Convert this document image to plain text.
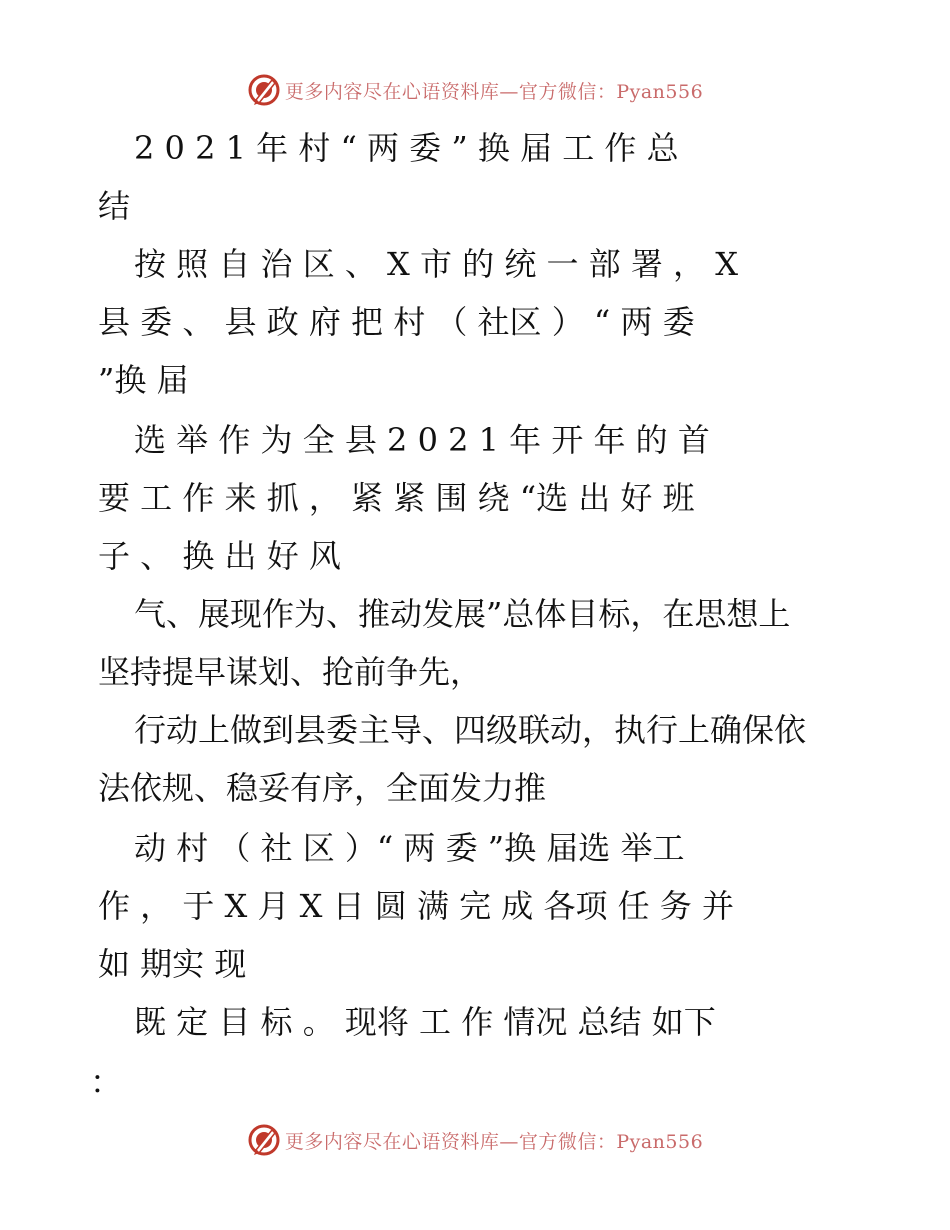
更多内容尽在心语资料库—官方微信：Pyan556
2 0 2 1 年 村 “ 两 委 ” 换 届 工 作 总
结
按 照 自 治 区 、 X 市 的 统 一 部 署 ， X
县 委 、 县 政 府 把 村 （ 社区 ） “ 两 委
”换 届
选 举 作 为 全 县 2 0 2 1 年 开 年 的 首
要 工 作 来 抓 ， 紧 紧 围 绕 “选 出 好 班
子 、 换 出 好 风
气、展现作为、推动发展”总体目标，在思想上
坚持提早谋划、抢前争先，
行动上做到县委主导、四级联动，执行上确保依
法依规、稳妥有序，全面发力推
动 村 （ 社 区 ）“ 两 委 ”换 届选 举工
作 ， 于 X 月 X 日 圆 满 完 成 各项 任 务 并
如 期实 现
既 定 目 标 。 现将 工 作 情况 总结 如下
：
更多内容尽在心语资料库—官方微信：Pyan556
